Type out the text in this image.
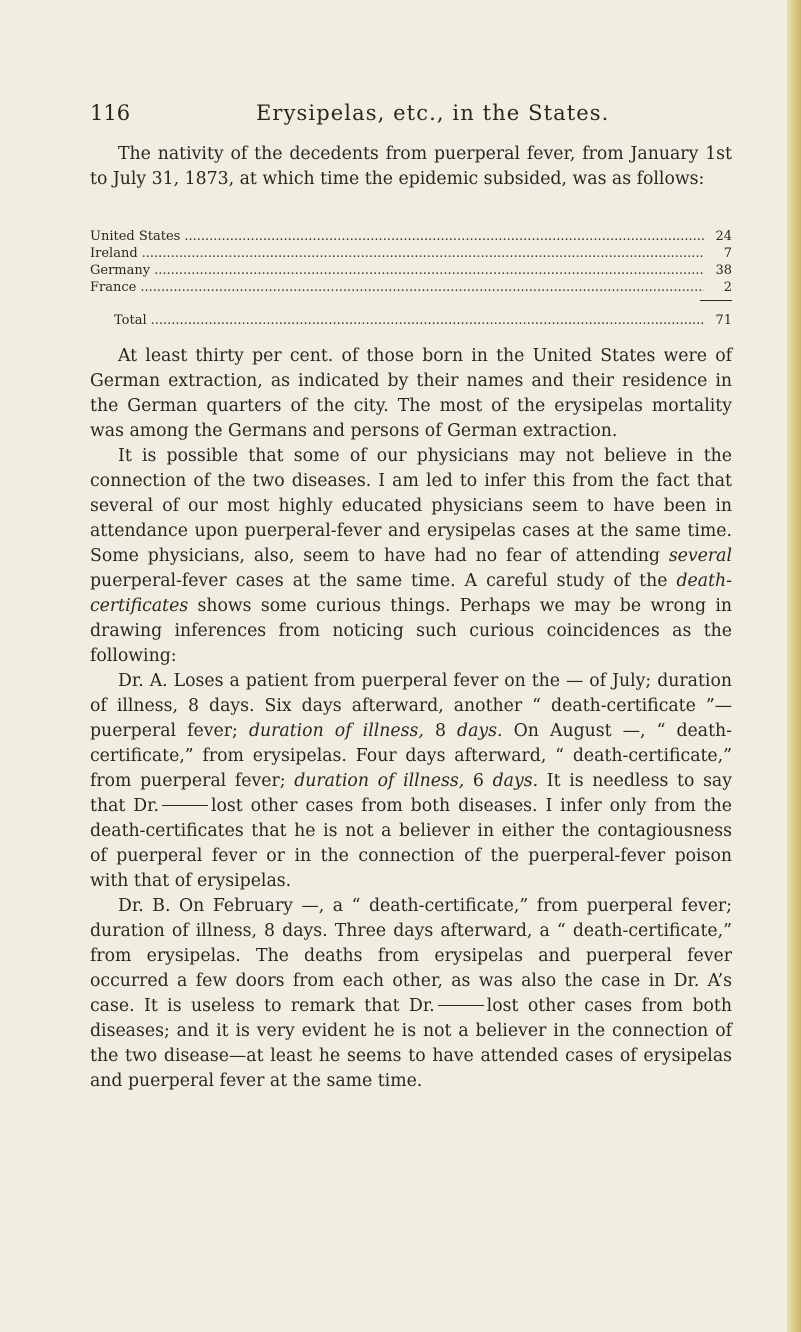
116	Erysipelas, etc., in the States.

The nativity of the decedents from puerperal fever, from January 1st to July 31, 1873, at which time the epidemic subsided, was as follows:

United States .....	24
Ireland .....	7
Germany .....	38
France .....	2
Total .....	71

At least thirty per cent. of those born in the United States were of German extraction, as indicated by their names and their residence in the German quarters of the city. The most of the erysipelas mortality was among the Germans and persons of German extraction.

It is possible that some of our physicians may not believe in the connection of the two diseases. I am led to infer this from the fact that several of our most highly educated physicians seem to have been in attendance upon puerperal-fever and erysipelas cases at the same time. Some physicians, also, seem to have had no fear of attending several puerperal-fever cases at the same time. A careful study of the death-certificates shows some curious things. Perhaps we may be wrong in drawing inferences from noticing such curious coincidences as the following:

Dr. A. Loses a patient from puerperal fever on the — of July; duration of illness, 8 days. Six days afterward, another “ death-certificate ”—puerperal fever; duration of illness, 8 days. On August —, “ death-certificate,” from erysipelas. Four days afterward, “ death-certificate,” from puerperal fever; duration of illness, 6 days. It is needless to say that Dr.	lost other cases from both diseases. I infer only from the death-certificates that he is not a believer in either the contagiousness of puerperal fever or in the connection of the puerperal-fever poison with that of erysipelas.

Dr. B. On February —, a “ death-certificate,” from puerperal fever; duration of illness, 8 days. Three days afterward, a “ death-certificate,” from erysipelas. The deaths from erysipelas and puerperal fever occurred a few doors from each other, as was also the case in Dr. A’s case. It is useless to remark that Dr.	lost other cases from both diseases; and it is very evident he is not a believer in the connection of the two disease—at least he seems to have attended cases of erysipelas and puerperal fever at the same time.
